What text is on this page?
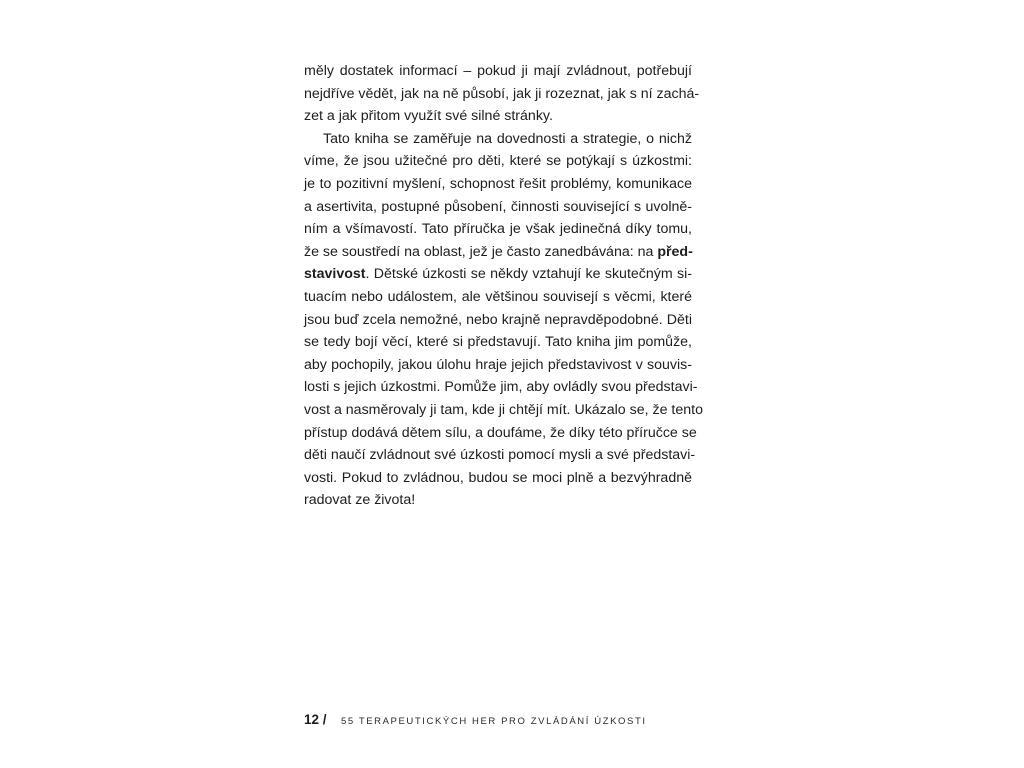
měly dostatek informací – pokud ji mají zvládnout, potřebují
nejdříve vědět, jak na ně působí, jak ji rozeznat, jak s ní zachá-
zet a jak přitom využít své silné stránky.
Tato kniha se zaměřuje na dovednosti a strategie, o nichž
víme, že jsou užitečné pro děti, které se potýkají s úzkostmi:
je to pozitivní myšlení, schopnost řešit problémy, komunikace
a asertivita, postupné působení, činnosti související s uvolně-
ním a všímavostí. Tato příručka je však jedinečná díky tomu,
že se soustředí na oblast, jež je často zanedbávána: na před-
stavivost. Dětské úzkosti se někdy vztahují ke skutečným si-
tuacím nebo událostem, ale většinou souvisejí s věcmi, které
jsou buď zcela nemožné, nebo krajně nepravděpodobné. Děti
se tedy bojí věcí, které si představují. Tato kniha jim pomůže,
aby pochopily, jakou úlohu hraje jejich představivost v souvis-
losti s jejich úzkostmi. Pomůže jim, aby ovládly svou představi-
vost a nasměrovaly ji tam, kde ji chtějí mít. Ukázalo se, že tento
přístup dodává dětem sílu, a doufáme, že díky této příručce se
děti naučí zvládnout své úzkosti pomocí mysli a své představi-
vosti. Pokud to zvládnou, budou se moci plně a bezvýhradně
radovat ze života!
12 / 55 TERAPEUTICKÝCH HER PRO ZVLÁDÁNÍ ÚZKOSTI
